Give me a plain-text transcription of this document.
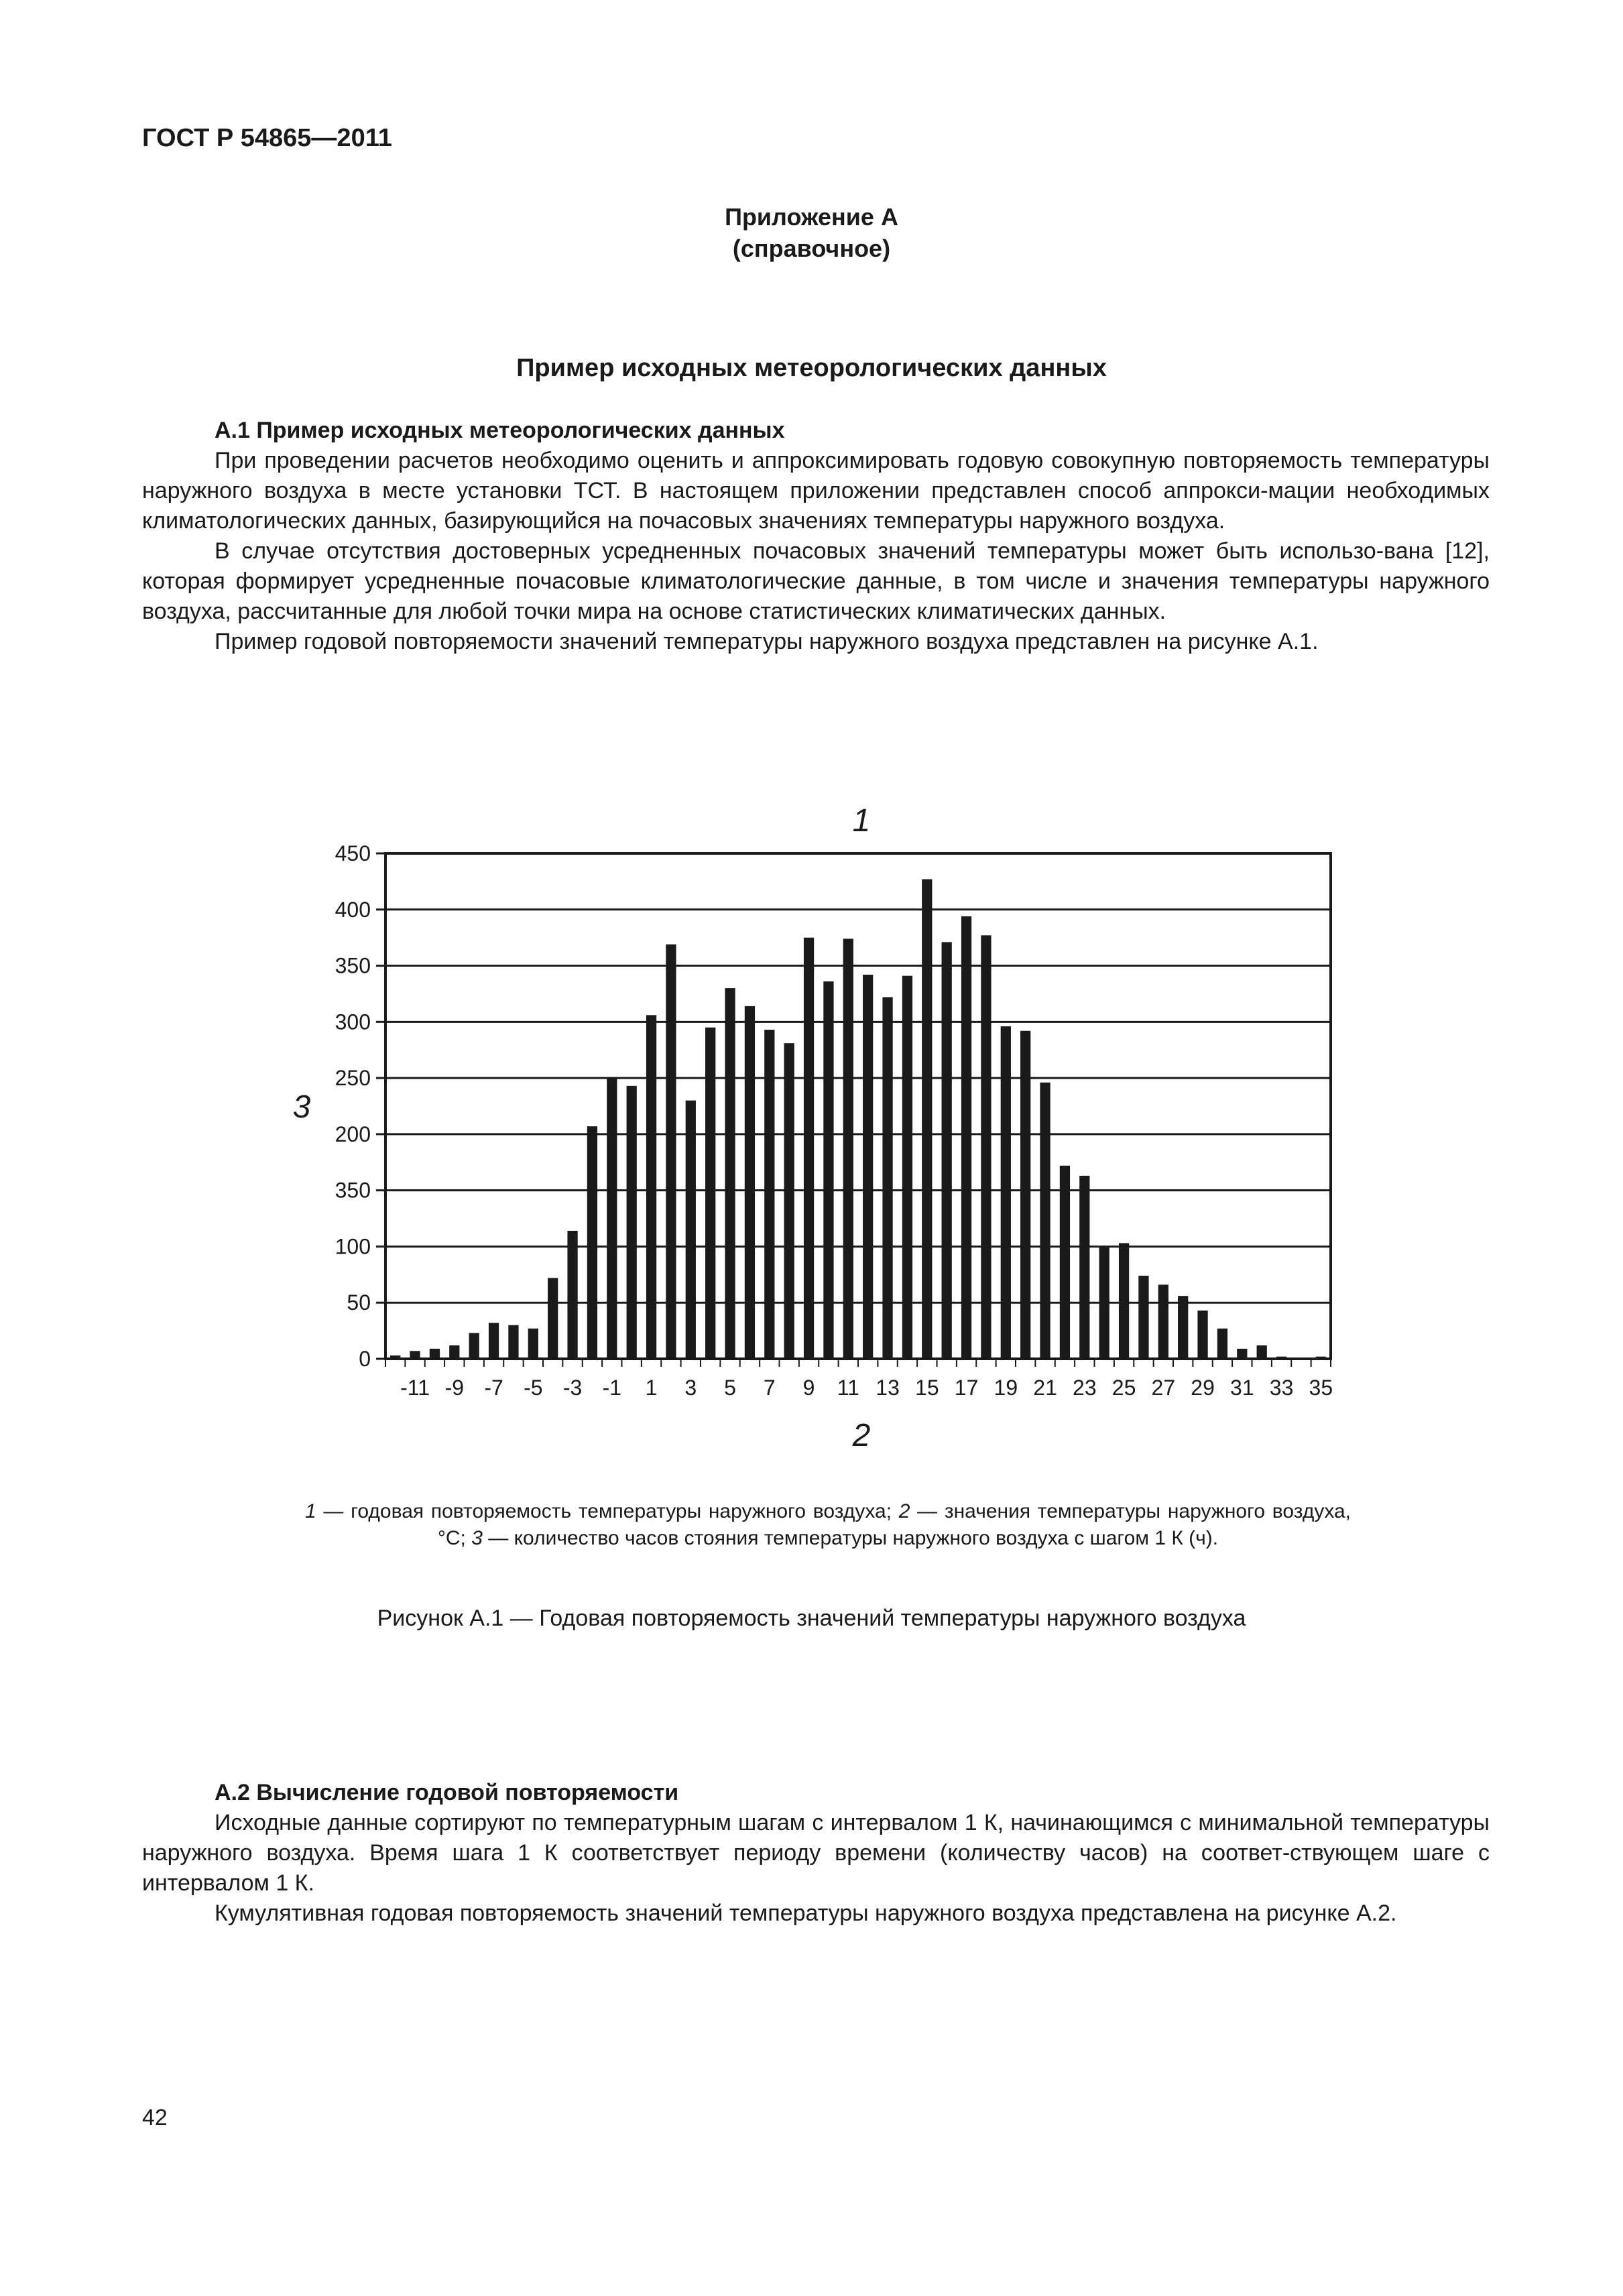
ГОСТ Р 54865—2011
Приложение А
(справочное)
Пример исходных метеорологических данных
А.1 Пример исходных метеорологических данных
При проведении расчетов необходимо оценить и аппроксимировать годовую совокупную повторяемость температуры наружного воздуха в месте установки ТСТ. В настоящем приложении представлен способ аппрокси-мации необходимых климатологических данных, базирующийся на почасовых значениях температуры наружного воздуха.
В случае отсутствия достоверных усредненных почасовых значений температуры может быть использо-вана [12], которая формирует усредненные почасовые климатологические данные, в том числе и значения температуры наружного воздуха, рассчитанные для любой точки мира на основе статистических климатических данных.
Пример годовой повторяемости значений температуры наружного воздуха представлен на рисунке А.1.
0
50
100
350
200
250
300
350
400
450
-11 -9 -7 -5 -3 -1 1 3 5 7 9 11 13 15 17 19 21 23 25 27 29 31 33 35
1
2
3
1 — годовая повторяемость температуры наружного воздуха; 2 — значения температуры наружного воздуха, °С; 3 — количество часов стояния температуры наружного воздуха с шагом 1 К (ч).
Рисунок А.1 — Годовая повторяемость значений температуры наружного воздуха
А.2 Вычисление годовой повторяемости
Исходные данные сортируют по температурным шагам с интервалом 1 К, начинающимся с минимальной температуры наружного воздуха. Время шага 1 К соответствует периоду времени (количеству часов) на соответ-ствующем шаге с интервалом 1 К.
Кумулятивная годовая повторяемость значений температуры наружного воздуха представлена на рисунке А.2.
42
